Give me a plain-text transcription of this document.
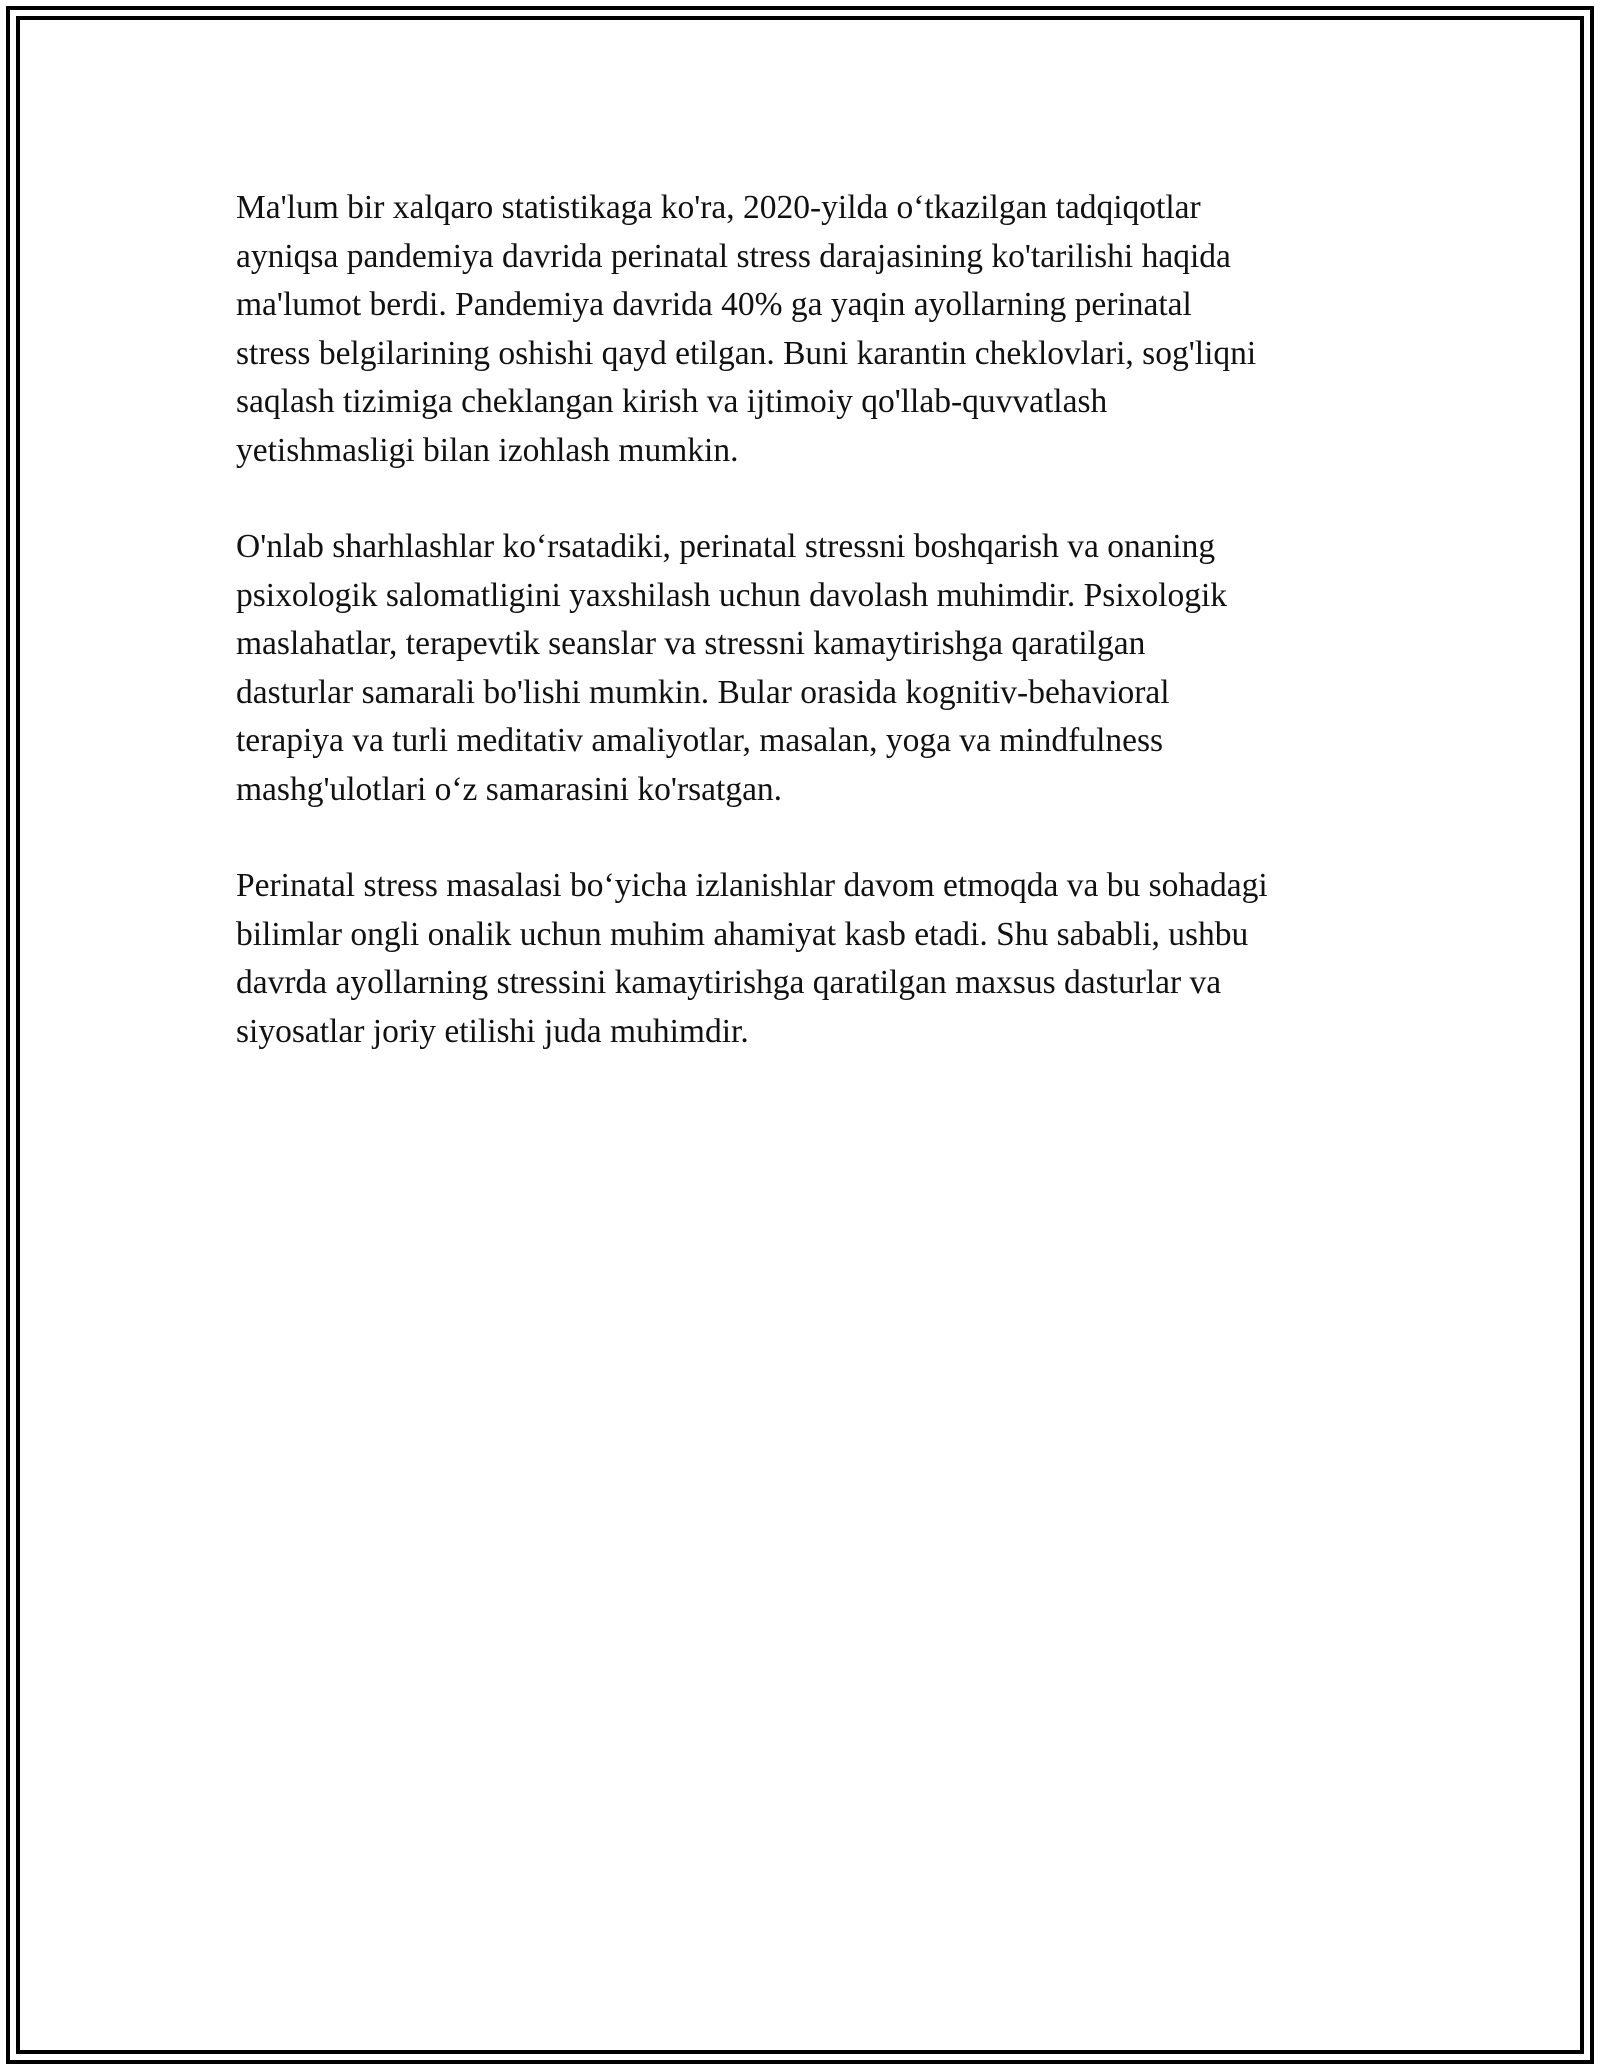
Ma'lum bir xalqaro statistikaga ko'ra, 2020-yilda oʻtkazilgan tadqiqotlar
ayniqsa pandemiya davrida perinatal stress darajasining ko'tarilishi haqida
ma'lumot berdi. Pandemiya davrida 40% ga yaqin ayollarning perinatal
stress belgilarining oshishi qayd etilgan. Buni karantin cheklovlari, sog'liqni
saqlash tizimiga cheklangan kirish va ijtimoiy qo'llab-quvvatlash
yetishmasligi bilan izohlash mumkin.

O'nlab sharhlashlar koʻrsatadiki, perinatal stressni boshqarish va onaning
psixologik salomatligini yaxshilash uchun davolash muhimdir. Psixologik
maslahatlar, terapevtik seanslar va stressni kamaytirishga qaratilgan
dasturlar samarali bo'lishi mumkin. Bular orasida kognitiv-behavioral
terapiya va turli meditativ amaliyotlar, masalan, yoga va mindfulness
mashg'ulotlari oʻz samarasini ko'rsatgan.

Perinatal stress masalasi boʻyicha izlanishlar davom etmoqda va bu sohadagi
bilimlar ongli onalik uchun muhim ahamiyat kasb etadi. Shu sababli, ushbu
davrda ayollarning stressini kamaytirishga qaratilgan maxsus dasturlar va
siyosatlar joriy etilishi juda muhimdir.
